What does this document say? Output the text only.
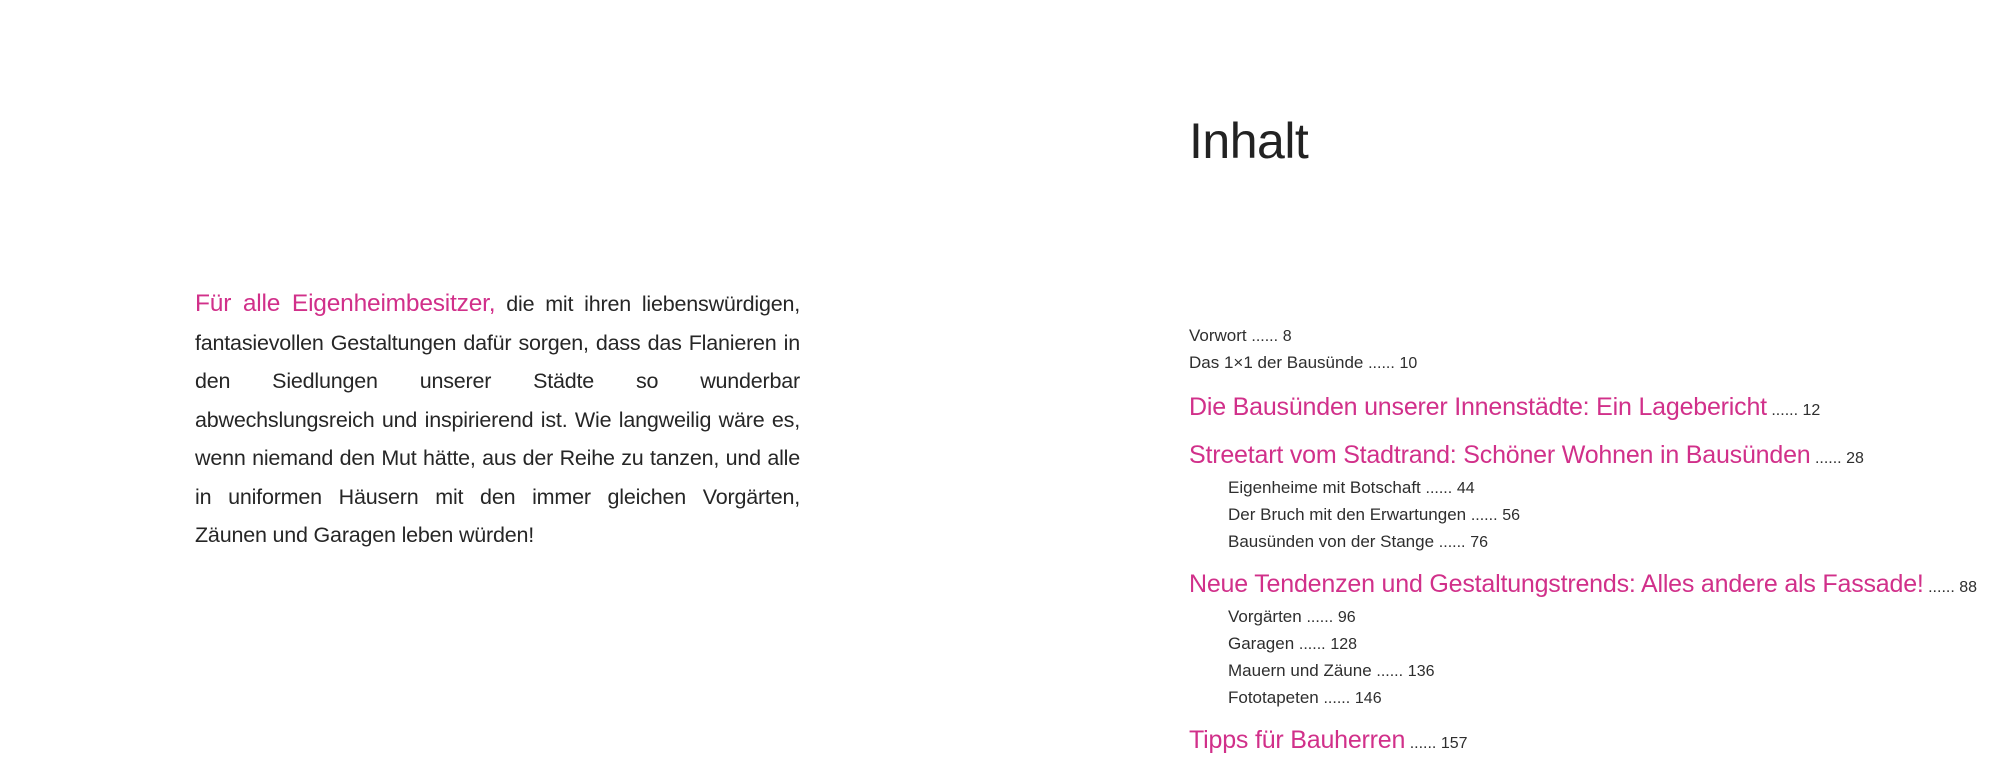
Für alle Eigenheimbesitzer, die mit ihren liebenswürdigen, fantasievollen Gestaltungen dafür sorgen, dass das Flanieren in den Siedlungen unserer Städte so wunderbar abwechslungsreich und inspirierend ist. Wie langweilig wäre es, wenn niemand den Mut hätte, aus der Reihe zu tanzen, und alle in uniformen Häusern mit den immer gleichen Vorgärten, Zäunen und Garagen leben würden!
Inhalt
Vorwort ...... 8
Das 1×1 der Bausünde ...... 10
Die Bausünden unserer Innenstädte: Ein Lagebericht ...... 12
Streetart vom Stadtrand: Schöner Wohnen in Bausünden ...... 28
Eigenheime mit Botschaft ...... 44
Der Bruch mit den Erwartungen ...... 56
Bausünden von der Stange ...... 76
Neue Tendenzen und Gestaltungstrends: Alles andere als Fassade! ...... 88
Vorgärten ...... 96
Garagen ...... 128
Mauern und Zäune ...... 136
Fototapeten ...... 146
Tipps für Bauherren ...... 157
